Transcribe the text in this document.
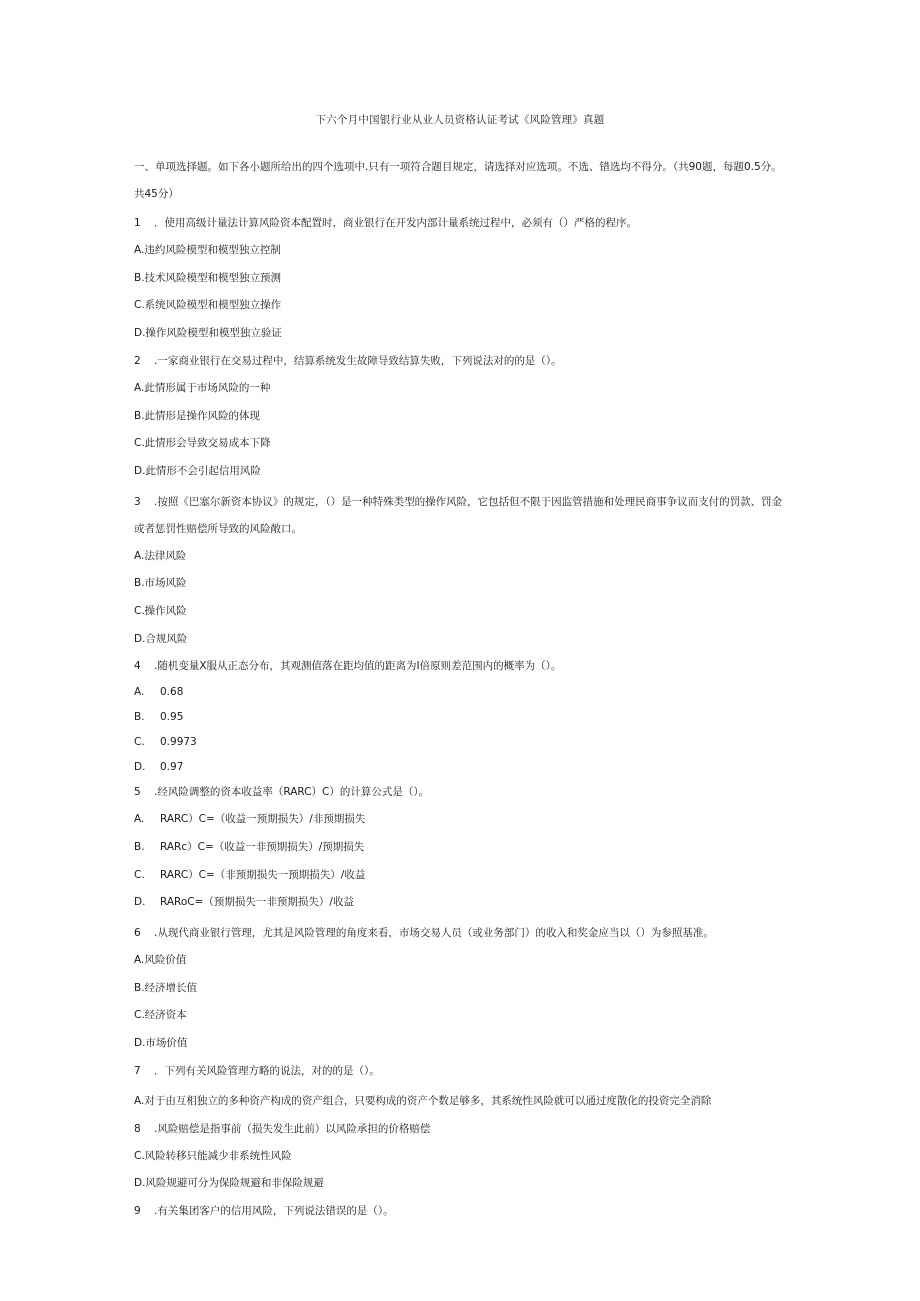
下六个月中国银行业从业人员资格认证考试《风险管理》真题

一、单项选择题。如下各小题所给出的四个选项中.只有一项符合题目规定，请选择对应选项。不选、错选均不得分。（共90题，每题0.5分。共45分）

1 ．使用高级计量法计算风险资本配置时，商业银行在开发内部计量系统过程中，必须有（）严格的程序。

A.违约风险模型和模型独立控制

B.技术风险模型和模型独立预测

C.系统风险模型和模型独立操作

D.操作风险模型和模型独立验证

2 .一家商业银行在交易过程中，结算系统发生故障导致结算失败，下列说法对的的是（）。

A.此情形属于市场风险的一种

B.此情形是操作风险的体现

C.此情形会导致交易成本下降

D.此情形不会引起信用风险

3 .按照《巴塞尔新资本协议》的规定，（）是一种特殊类型的操作风险，它包括但不限于因监管措施和处理民商事争议而支付的罚款、罚金或者惩罚性赔偿所导致的风险敞口。

A.法律风险

B.市场风险

C.操作风险

D.合规风险

4 .随机变量X服从正态分布，其观测值落在距均值的距离为I倍原则差范围内的概率为（）。

A. 0.68

B. 0.95

C. 0.9973

D. 0.97

5 .经风险调整的资本收益率（RARC）C）的计算公式是（）。

A. RARC）C=（收益一预期损失）/非预期损失

B. RARc）C=（收益一非预期损失）/预期损失

C. RARC）C=（非预期损失一预期损失）/收益

D. RARoC=（预期损失一非预期损失）/收益

6 .从现代商业银行管理，尤其是风险管理的角度来看，市场交易人员（或业务部门）的收入和奖金应当以（）为参照基准。

A.风险价值

B.经济增长值

C.经济资本

D.市场价值

7 ．下列有关风险管理方略的说法，对的的是（）。

A.对于由互相独立的多种资产构成的资产组合，只要构成的资产个数足够多，其系统性风险就可以通过度散化的投资完全消除

8 .风险赔偿是指事前（损失发生此前）以风险承担的价格赔偿

C.风险转移只能减少非系统性风险

D.风险规避可分为保险规避和非保险规避

9 .有关集团客户的信用风险，下列说法错误的是（）。
